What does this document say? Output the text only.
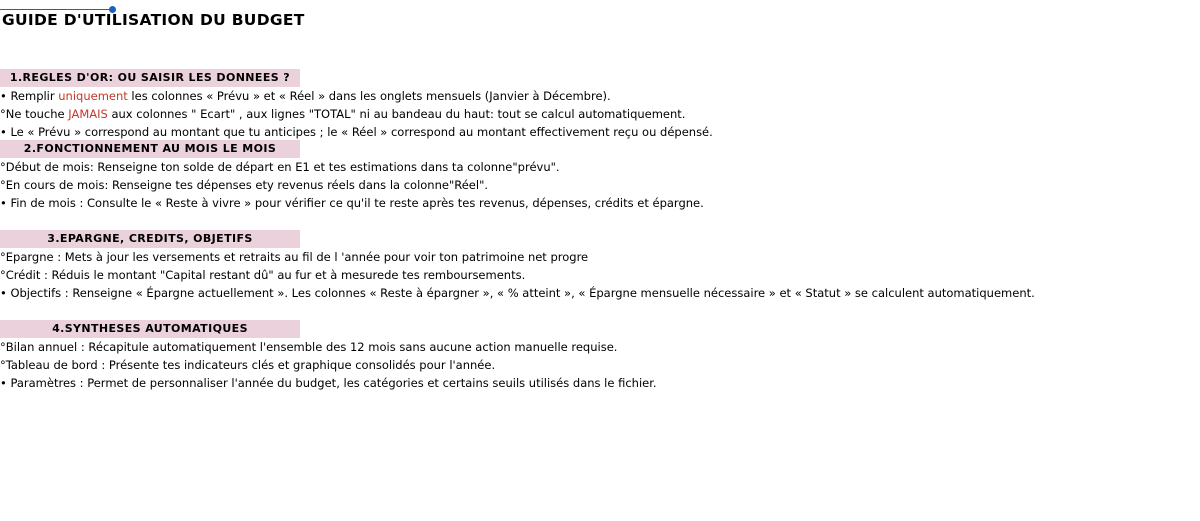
GUIDE D'UTILISATION DU BUDGET
1.REGLES D'OR: OU SAISIR LES DONNEES ?
• Remplir uniquement les colonnes « Prévu » et « Réel » dans les onglets mensuels (Janvier à Décembre).
°Ne touche JAMAIS aux colonnes " Ecart" , aux lignes "TOTAL" ni au bandeau du haut: tout se calcul automatiquement.
• Le « Prévu » correspond au montant que tu anticipes ; le « Réel » correspond au montant effectivement reçu ou dépensé.
2.FONCTIONNEMENT AU MOIS LE MOIS
°Début de mois: Renseigne ton solde de départ en E1 et tes estimations dans ta colonne"prévu".
°En cours de mois: Renseigne tes dépenses ety revenus réels dans la colonne"Réel".
• Fin de mois : Consulte le « Reste à vivre » pour vérifier ce qu'il te reste après tes revenus, dépenses, crédits et épargne.
3.EPARGNE, CREDITS, OBJETIFS
°Epargne : Mets à jour les versements et retraits au fil de l 'année pour voir ton patrimoine net progre
°Crédit : Réduis le montant "Capital restant dû" au fur et à mesurede tes remboursements.
• Objectifs : Renseigne « Épargne actuellement ». Les colonnes « Reste à épargner », « % atteint », « Épargne mensuelle nécessaire » et « Statut » se calculent automatiquement.
4.SYNTHESES AUTOMATIQUES
°Bilan annuel : Récapitule automatiquement l'ensemble des 12 mois sans aucune action manuelle requise.
°Tableau de bord : Présente tes indicateurs clés et graphique consolidés pour l'année.
• Paramètres : Permet de personnaliser l'année du budget, les catégories et certains seuils utilisés dans le fichier.
